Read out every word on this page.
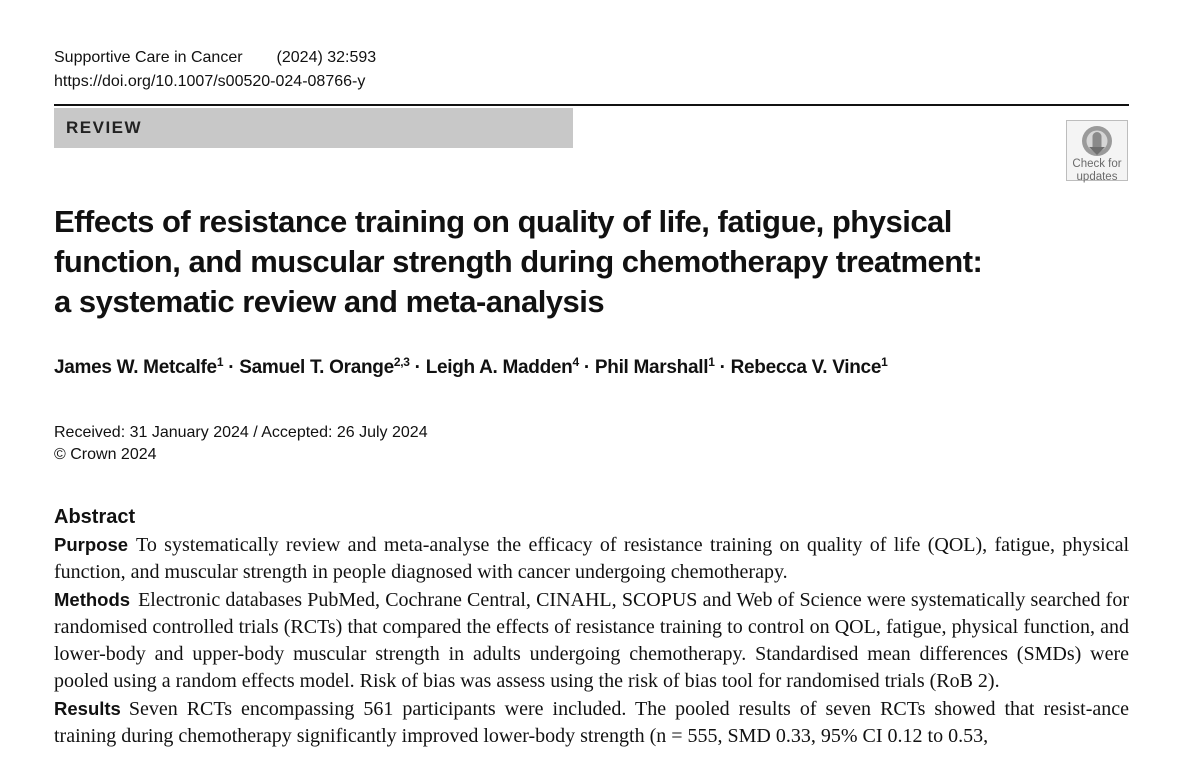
Supportive Care in Cancer (2024) 32:593
https://doi.org/10.1007/s00520-024-08766-y
REVIEW
Check for
updates
Effects of resistance training on quality of life, fatigue, physical
function, and muscular strength during chemotherapy treatment:
a systematic review and meta-analysis
James W. Metcalfe$^1$ · Samuel T. Orange$^{2,3}$ · Leigh A. Madden$^4$ · Phil Marshall$^1$ · Rebecca V. Vince$^1$
Received: 31 January 2024 / Accepted: 26 July 2024
© Crown 2024
Abstract

Purpose To systematically review and meta-analyse the efficacy of resistance training on quality of life (QOL), fatigue, physical function, and muscular strength in people diagnosed with cancer undergoing chemotherapy.

Methods Electronic databases PubMed, Cochrane Central, CINAHL, SCOPUS and Web of Science were systematically searched for randomised controlled trials (RCTs) that compared the effects of resistance training to control on QOL, fatigue, physical function, and lower-body and upper-body muscular strength in adults undergoing chemotherapy. Standardised mean differences (SMDs) were pooled using a random effects model. Risk of bias was assess using the risk of bias tool for randomised trials (RoB 2).

Results Seven RCTs encompassing 561 participants were included. The pooled results of seven RCTs showed that resist-ance training during chemotherapy significantly improved lower-body strength (n = 555, SMD 0.33, 95% CI 0.12 to 0.53,
